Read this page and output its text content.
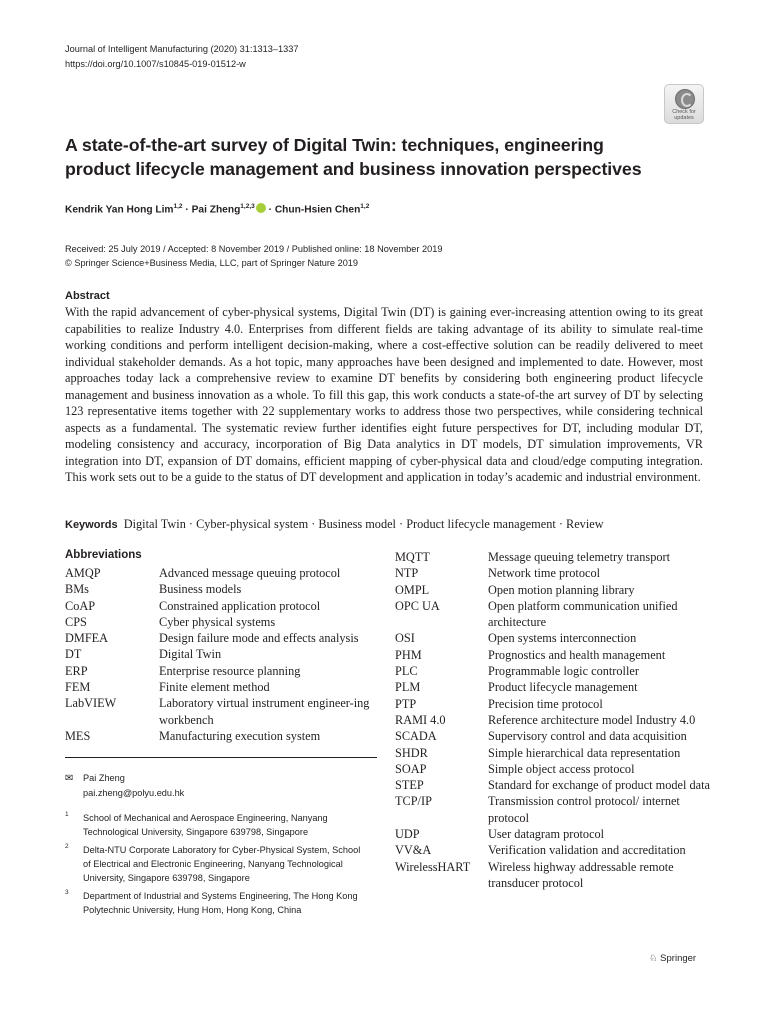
Journal of Intelligent Manufacturing (2020) 31:1313–1337
https://doi.org/10.1007/s10845-019-01512-w
Check for updates
A state-of-the-art survey of Digital Twin: techniques, engineering
product lifecycle management and business innovation perspectives
Kendrik Yan Hong Lim$^{1,2}$ · Pai Zheng$^{1,2,3}$ · Chun-Hsien Chen$^{1,2}$
Received: 25 July 2019 / Accepted: 8 November 2019 / Published online: 18 November 2019
© Springer Science+Business Media, LLC, part of Springer Nature 2019
Abstract
With the rapid advancement of cyber-physical systems, Digital Twin (DT) is gaining ever-increasing attention owing to its great capabilities to realize Industry 4.0. Enterprises from different fields are taking advantage of its ability to simulate real-time working conditions and perform intelligent decision-making, where a cost-effective solution can be readily delivered to meet individual stakeholder demands. As a hot topic, many approaches have been designed and implemented to date. However, most approaches today lack a comprehensive review to examine DT benefits by considering both engineering product lifecycle management and business innovation as a whole. To fill this gap, this work conducts a state-of-the art survey of DT by selecting 123 representative items together with 22 supplementary works to address those two perspectives, while considering technical aspects as a fundamental. The systematic review further identifies eight future perspectives for DT, including modular DT, modeling consistency and accuracy, incorporation of Big Data analytics in DT models, DT simulation improvements, VR integration into DT, expansion of DT domains, efficient mapping of cyber-physical data and cloud/edge computing integration. This work sets out to be a guide to the status of DT development and application in today’s academic and industrial environment.
Keywords Digital Twin · Cyber-physical system · Business model · Product lifecycle management · Review
Abbreviations
AMQP	Advanced message queuing protocol
BMs	Business models
CoAP	Constrained application protocol
CPS	Cyber physical systems
DMFEA	Design failure mode and effects analysis
DT	Digital Twin
ERP	Enterprise resource planning
FEM	Finite element method
LabVIEW	Laboratory virtual instrument engineer-ing workbench
MES	Manufacturing execution system
MQTT	Message queuing telemetry transport
NTP	Network time protocol
OMPL	Open motion planning library
OPC UA	Open platform communication unified architecture
OSI	Open systems interconnection
PHM	Prognostics and health management
PLC	Programmable logic controller
PLM	Product lifecycle management
PTP	Precision time protocol
RAMI 4.0	Reference architecture model Industry 4.0
SCADA	Supervisory control and data acquisition
SHDR	Simple hierarchical data representation
SOAP	Simple object access protocol
STEP	Standard for exchange of product model data
TCP/IP	Transmission control protocol/ internet protocol
UDP	User datagram protocol
VV&A	Verification validation and accreditation
WirelessHART	Wireless highway addressable remote transducer protocol
✉ Pai Zheng
pai.zheng@polyu.edu.hk
1 School of Mechanical and Aerospace Engineering, Nanyang Technological University, Singapore 639798, Singapore
2 Delta-NTU Corporate Laboratory for Cyber-Physical System, School of Electrical and Electronic Engineering, Nanyang Technological University, Singapore 639798, Singapore
3 Department of Industrial and Systems Engineering, The Hong Kong Polytechnic University, Hung Hom, Hong Kong, China
♘ Springer
